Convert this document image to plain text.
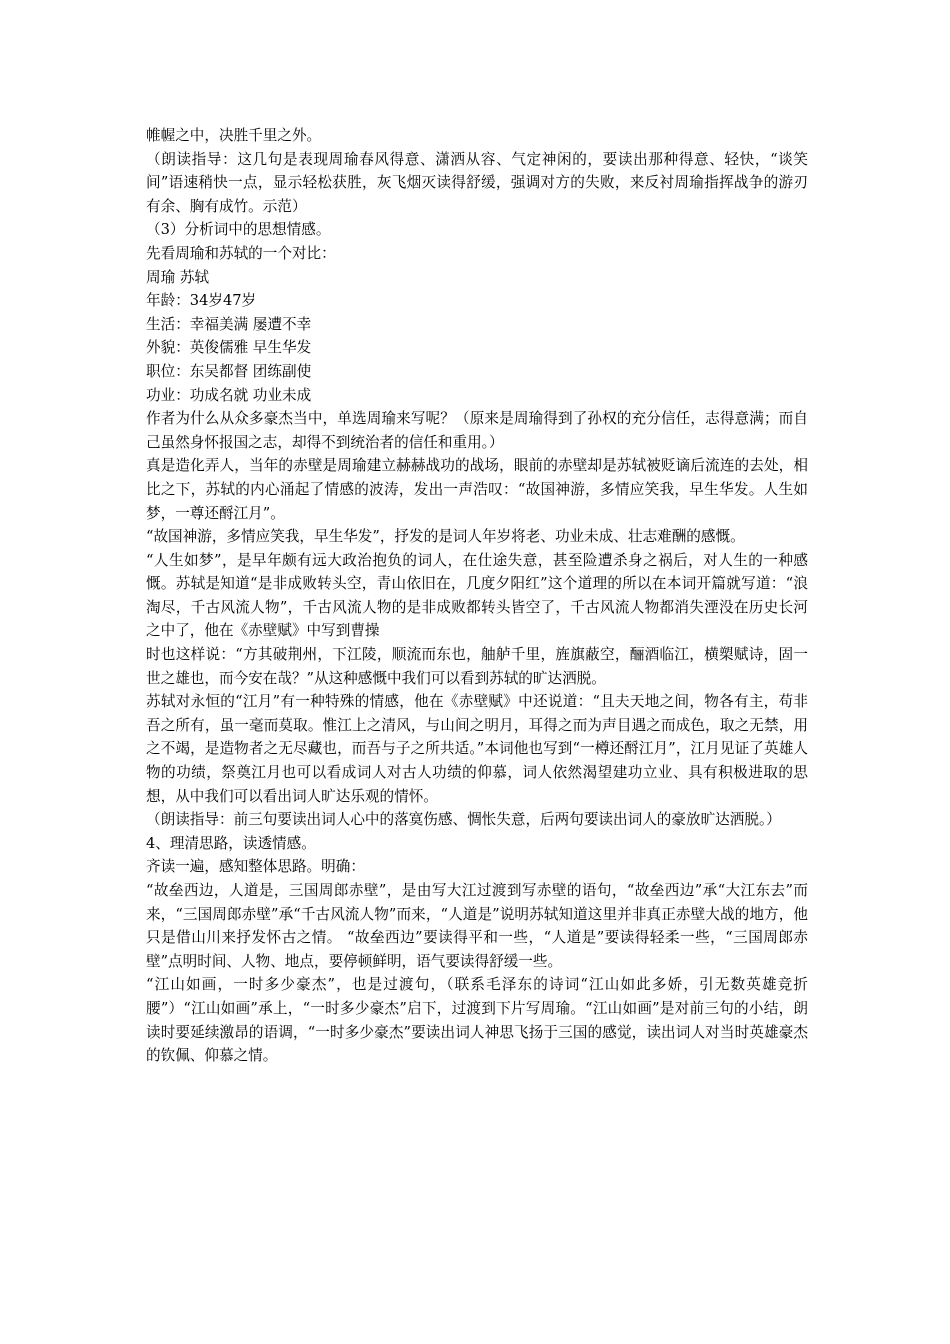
帷幄之中，决胜千里之外。

（朗读指导：这几句是表现周瑜春风得意、潇洒从容、气定神闲的，要读出那种得意、轻快，“谈笑间”语速稍快一点，显示轻松获胜，灰飞烟灭读得舒缓，强调对方的失败，来反衬周瑜指挥战争的游刃有余、胸有成竹。示范）

（3）分析词中的思想情感。

先看周瑜和苏轼的一个对比：

周瑜 苏轼

年龄：34岁47岁

生活：幸福美满 屡遭不幸

外貌：英俊儒雅 早生华发

职位：东吴都督 团练副使

功业：功成名就 功业未成

作者为什么从众多豪杰当中，单选周瑜来写呢？（原来是周瑜得到了孙权的充分信任，志得意满；而自己虽然身怀报国之志，却得不到统治者的信任和重用。）

真是造化弄人，当年的赤壁是周瑜建立赫赫战功的战场，眼前的赤壁却是苏轼被贬谪后流连的去处，相比之下，苏轼的内心涌起了情感的波涛，发出一声浩叹：“故国神游，多情应笑我，早生华发。人生如梦，一尊还酹江月”。

“故国神游，多情应笑我，早生华发”，抒发的是词人年岁将老、功业未成、壮志难酬的感慨。

“人生如梦”，是早年颇有远大政治抱负的词人，在仕途失意，甚至险遭杀身之祸后，对人生的一种感慨。苏轼是知道“是非成败转头空，青山依旧在，几度夕阳红”这个道理的所以在本词开篇就写道：“浪淘尽，千古风流人物”，千古风流人物的是非成败都转头皆空了，千古风流人物都消失湮没在历史长河之中了，他在《赤壁赋》中写到曹操

时也这样说：“方其破荆州，下江陵，顺流而东也，舳舻千里，旌旗蔽空，酾酒临江，横槊赋诗，固一世之雄也，而今安在哉？”从这种感慨中我们可以看到苏轼的旷达洒脱。

苏轼对永恒的“江月”有一种特殊的情感，他在《赤壁赋》中还说道：“且夫天地之间，物各有主，苟非吾之所有，虽一毫而莫取。惟江上之清风，与山间之明月，耳得之而为声目遇之而成色，取之无禁，用之不竭，是造物者之无尽藏也，而吾与子之所共适。”本词他也写到“一樽还酹江月”，江月见证了英雄人物的功绩，祭奠江月也可以看成词人对古人功绩的仰慕，词人依然渴望建功立业、具有积极进取的思想，从中我们可以看出词人旷达乐观的情怀。

（朗读指导：前三句要读出词人心中的落寞伤感、惆怅失意，后两句要读出词人的豪放旷达洒脱。）

4、理清思路，读透情感。

齐读一遍，感知整体思路。明确：

“故垒西边，人道是，三国周郎赤壁”，是由写大江过渡到写赤壁的语句，“故垒西边”承“大江东去”而来，“三国周郎赤壁”承“千古风流人物”而来，“人道是”说明苏轼知道这里并非真正赤壁大战的地方，他只是借山川来抒发怀古之情。 “故垒西边”要读得平和一些，“人道是”要读得轻柔一些，“三国周郎赤壁”点明时间、人物、地点，要停顿鲜明，语气要读得舒缓一些。

“江山如画，一时多少豪杰”，也是过渡句，（联系毛泽东的诗词“江山如此多娇，引无数英雄竞折腰”）“江山如画”承上，“一时多少豪杰”启下，过渡到下片写周瑜。“江山如画”是对前三句的小结，朗读时要延续激昂的语调，“一时多少豪杰”要读出词人神思飞扬于三国的感觉，读出词人对当时英雄豪杰的钦佩、仰慕之情。
